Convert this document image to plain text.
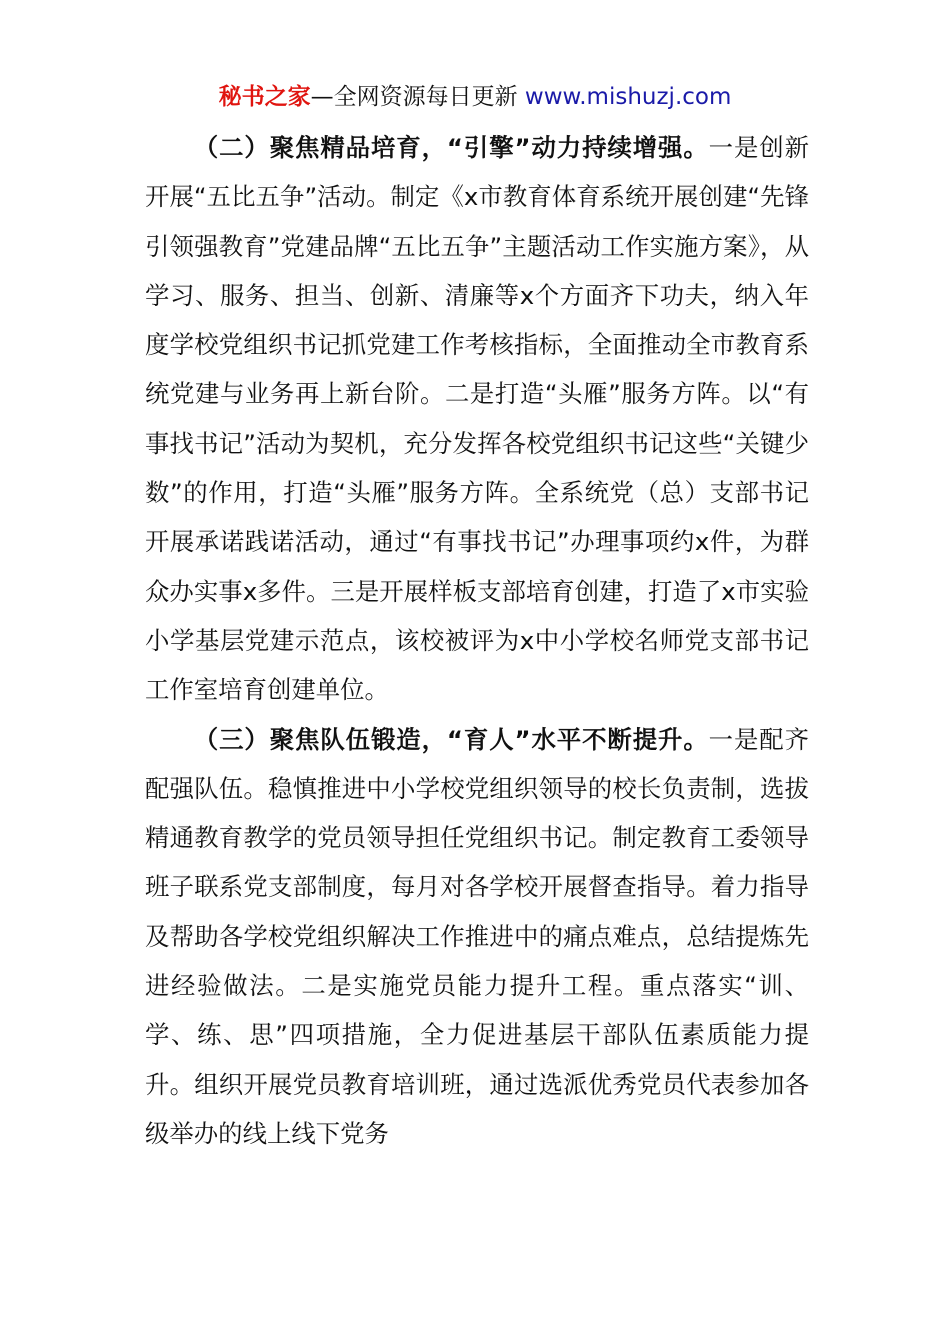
秘书之家—全网资源每日更新 www.mishuzj.com

（二）聚焦精品培育，“引擎”动力持续增强。一是创新开展“五比五争”活动。制定《x市教育体育系统开展创建“先锋引领强教育”党建品牌“五比五争”主题活动工作实施方案》，从学习、服务、担当、创新、清廉等x个方面齐下功夫，纳入年度学校党组织书记抓党建工作考核指标，全面推动全市教育系统党建与业务再上新台阶。二是打造“头雁”服务方阵。以“有事找书记”活动为契机，充分发挥各校党组织书记这些“关键少数”的作用，打造“头雁”服务方阵。全系统党（总）支部书记开展承诺践诺活动，通过“有事找书记”办理事项约x件，为群众办实事x多件。三是开展样板支部培育创建，打造了x市实验小学基层党建示范点，该校被评为x中小学校名师党支部书记工作室培育创建单位。

（三）聚焦队伍锻造，“育人”水平不断提升。一是配齐配强队伍。稳慎推进中小学校党组织领导的校长负责制，选拔精通教育教学的党员领导担任党组织书记。制定教育工委领导班子联系党支部制度，每月对各学校开展督查指导。着力指导及帮助各学校党组织解决工作推进中的痛点难点，总结提炼先进经验做法。二是实施党员能力提升工程。重点落实“训、学、练、思”四项措施，全力促进基层干部队伍素质能力提升。组织开展党员教育培训班，通过选派优秀党员代表参加各级举办的线上线下党务
